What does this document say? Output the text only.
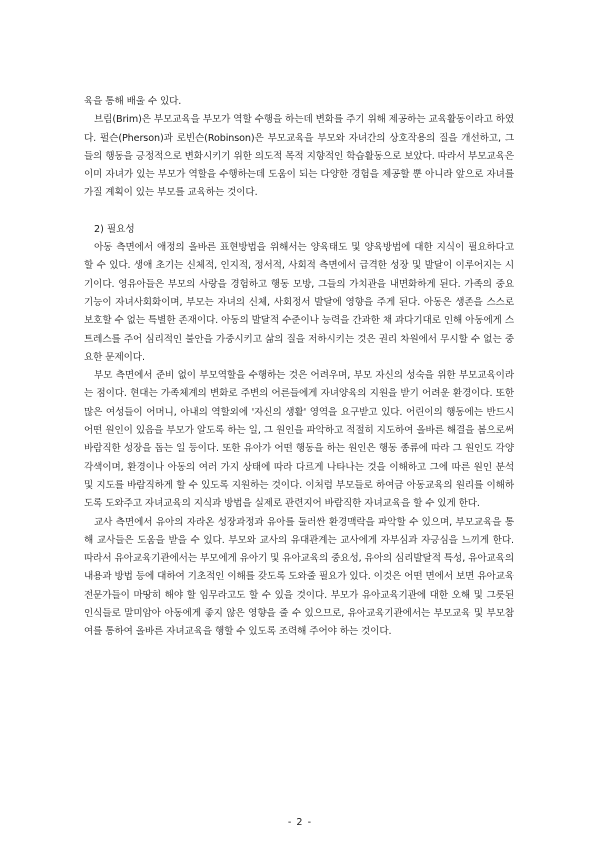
육을 통해 배울 수 있다.

브림(Brim)은 부모교육을 부모가 역할 수행을 하는데 변화를 주기 위해 제공하는 교육활동이라고 하였다. 펄슨(Pherson)과 로빈슨(Robinson)은 부모교육을 부모와 자녀간의 상호작용의 질을 개선하고, 그들의 행동을 긍정적으로 변화시키기 위한 의도적 목적 지향적인 학습활동으로 보았다. 따라서 부모교육은 이미 자녀가 있는 부모가 역할을 수행하는데 도움이 되는 다양한 경험을 제공할 뿐 아니라 앞으로 자녀를 가질 계획이 있는 부모를 교육하는 것이다.

2) 필요성

아동 측면에서 애정의 올바른 표현방법을 위해서는 양육태도 및 양육방법에 대한 지식이 필요하다고 할 수 있다. 생애 초기는 신체적, 인지적, 정서적, 사회적 측면에서 급격한 성장 및 발달이 이루어지는 시기이다. 영유아들은 부모의 사랑을 경험하고 행동 모방, 그들의 가치관을 내면화하게 된다. 가족의 중요 기능이 자녀사회화이며, 부모는 자녀의 신체, 사회정서 발달에 영향을 주게 된다. 아동은 생존을 스스로 보호할 수 없는 특별한 존재이다. 아동의 발달적 수준이나 능력을 간과한 채 과다기대로 인해 아동에게 스트레스를 주어 심리적인 불안을 가중시키고 삶의 질을 저하시키는 것은 권리 차원에서 무시할 수 없는 중요한 문제이다.

부모 측면에서 준비 없이 부모역할을 수행하는 것은 어려우며, 부모 자신의 성숙을 위한 부모교육이라는 점이다. 현대는 가족체계의 변화로 주변의 어른들에게 자녀양육의 지원을 받기 어려운 환경이다. 또한 많은 여성들이 어머니, 아내의 역할외에 '자신의 생활' 영역을 요구받고 있다. 어린이의 행동에는 반드시 어떤 원인이 있음을 부모가 알도록 하는 일, 그 원인을 파악하고 적절히 지도하여 올바른 해결을 봄으로써 바람직한 성장을 돕는 일 등이다. 또한 유아가 어떤 행동을 하는 원인은 행동 종류에 따라 그 원인도 각양각색이며, 환경이나 아동의 여러 가지 상태에 따라 다르게 나타나는 것을 이해하고 그에 따른 원인 분석 및 지도를 바람직하게 할 수 있도록 지원하는 것이다. 이처럼 부모들로 하여금 아동교육의 원리를 이해하도록 도와주고 자녀교육의 지식과 방법을 실제로 관련지어 바람직한 자녀교육을 할 수 있게 한다.

교사 측면에서 유아의 자라온 성장과정과 유아를 둘러싼 환경맥락을 파악할 수 있으며, 부모교육을 통해 교사들은 도움을 받을 수 있다. 부모와 교사의 유대관계는 교사에게 자부심과 자긍심을 느끼게 한다. 따라서 유아교육기관에서는 부모에게 유아기 및 유아교육의 중요성, 유아의 심리발달적 특성, 유아교육의 내용과 방법 등에 대하여 기초적인 이해를 갖도록 도와줄 필요가 있다. 이것은 어떤 면에서 보면 유아교육 전문가들이 마땅히 해야 할 임무라고도 할 수 있을 것이다. 부모가 유아교육기관에 대한 오해 및 그릇된 인식들로 말미암아 아동에게 좋지 않은 영향을 줄 수 있으므로, 유아교육기관에서는 부모교육 및 부모참여를 통하여 올바른 자녀교육을 행할 수 있도록 조력해 주어야 하는 것이다.

- 2 -
